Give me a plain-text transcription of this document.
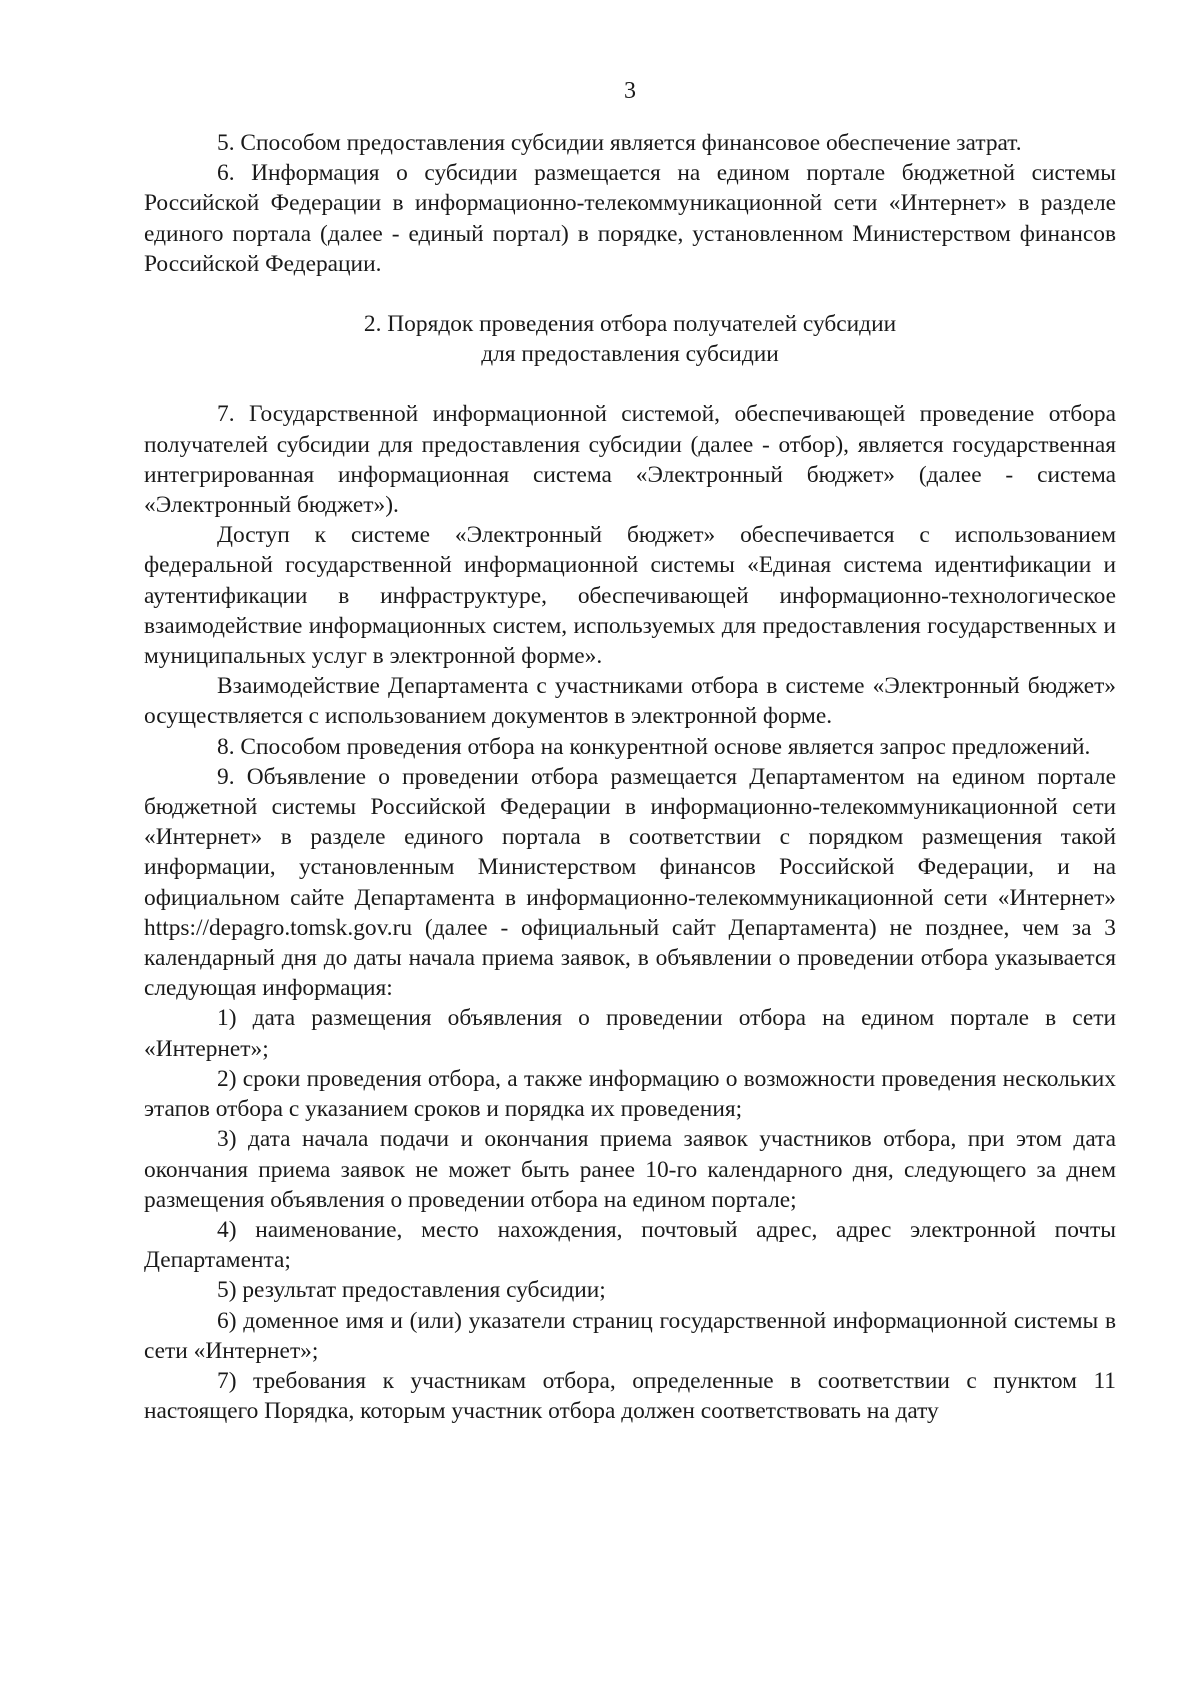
3

5. Способом предоставления субсидии является финансовое обеспечение затрат.

6. Информация о субсидии размещается на едином портале бюджетной системы Российской Федерации в информационно-телекоммуникационной сети «Интернет» в разделе единого портала (далее - единый портал) в порядке, установленном Министерством финансов Российской Федерации.

2. Порядок проведения отбора получателей субсидии

для предоставления субсидии

7. Государственной информационной системой, обеспечивающей проведение отбора получателей субсидии для предоставления субсидии (далее - отбор), является государственная интегрированная информационная система «Электронный бюджет» (далее - система «Электронный бюджет»).

Доступ к системе «Электронный бюджет» обеспечивается с использованием федеральной государственной информационной системы «Единая система идентификации и аутентификации в инфраструктуре, обеспечивающей информационно-технологическое взаимодействие информационных систем, используемых для предоставления государственных и муниципальных услуг в электронной форме».

Взаимодействие Департамента с участниками отбора в системе «Электронный бюджет» осуществляется с использованием документов в электронной форме.

8. Способом проведения отбора на конкурентной основе является запрос предложений.

9. Объявление о проведении отбора размещается Департаментом на едином портале бюджетной системы Российской Федерации в информационно-телекоммуникационной сети «Интернет» в разделе единого портала в соответствии с порядком размещения такой информации, установленным Министерством финансов Российской Федерации, и на официальном сайте Департамента в информационно-телекоммуникационной сети «Интернет» https://depagro.tomsk.gov.ru (далее - официальный сайт Департамента) не позднее, чем за 3 календарный дня до даты начала приема заявок, в объявлении о проведении отбора указывается следующая информация:

1) дата размещения объявления о проведении отбора на едином портале в сети «Интернет»;

2) сроки проведения отбора, а также информацию о возможности проведения нескольких этапов отбора с указанием сроков и порядка их проведения;

3) дата начала подачи и окончания приема заявок участников отбора, при этом дата окончания приема заявок не может быть ранее 10-го календарного дня, следующего за днем размещения объявления о проведении отбора на едином портале;

4) наименование, место нахождения, почтовый адрес, адрес электронной почты Департамента;

5) результат предоставления субсидии;

6) доменное имя и (или) указатели страниц государственной информационной системы в сети «Интернет»;

7) требования к участникам отбора, определенные в соответствии с пунктом 11 настоящего Порядка, которым участник отбора должен соответствовать на дату
